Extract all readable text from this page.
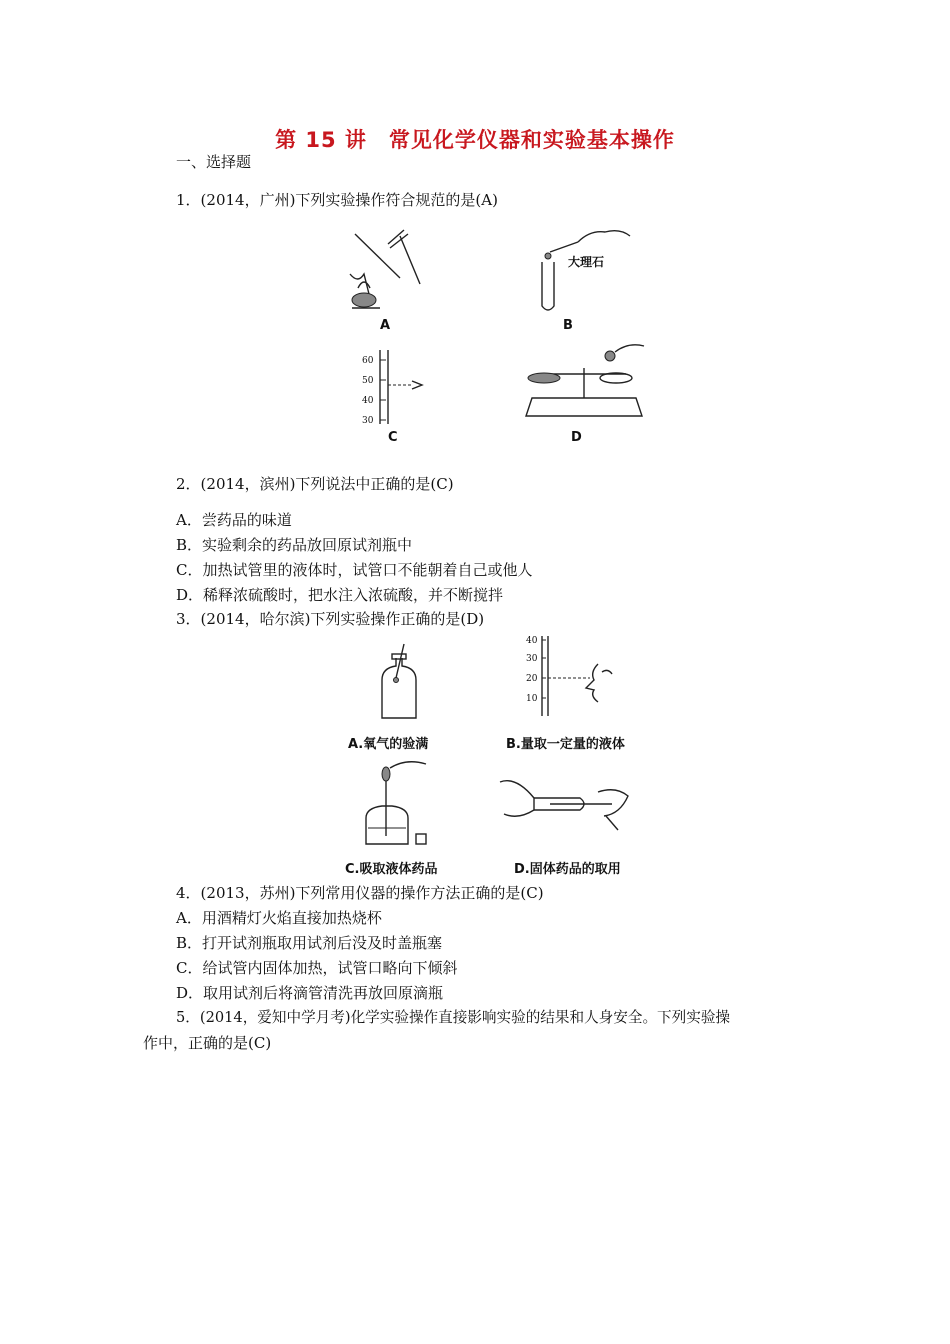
第 15 讲　常见化学仪器和实验基本操作
一、选择题
1．(2014，广州)下列实验操作符合规范的是(A)
A
大理石
B
60
50
40
30
C	D
2．(2014，滨州)下列说法中正确的是(C)
A．尝药品的味道
B．实验剩余的药品放回原试剂瓶中
C．加热试管里的液体时，试管口不能朝着自己或他人
D．稀释浓硫酸时，把水注入浓硫酸，并不断搅拌
3．(2014，哈尔滨)下列实验操作正确的是(D)
A.氧气的验满
40
30
20
10
B.量取一定量的液体
C.吸取液体药品	D.固体药品的取用
4．(2013，苏州)下列常用仪器的操作方法正确的是(C)
A．用酒精灯火焰直接加热烧杯
B．打开试剂瓶取用试剂后没及时盖瓶塞
C．给试管内固体加热，试管口略向下倾斜
D．取用试剂后将滴管清洗再放回原滴瓶
5．(2014，爱知中学月考)化学实验操作直接影响实验的结果和人身安全。下列实验操
作中，正确的是(C)
